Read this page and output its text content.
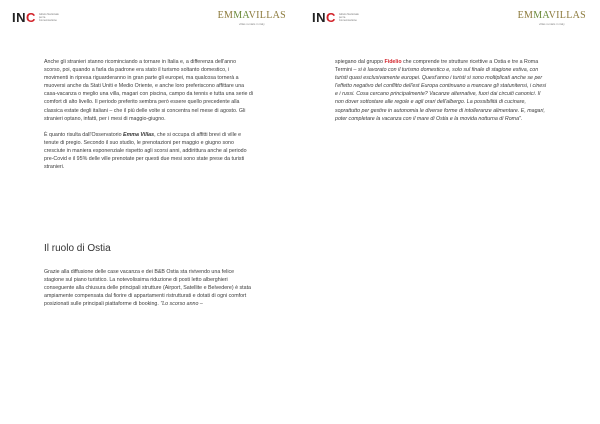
INC Istituto Nazionale per la Comunicazione	EMMAVILLAS
villas rentals in italy

Anche gli stranieri stanno ricominciando a tornare in Italia e, a differenza dell'anno scorso, poi, quando a farla da padrone era stato il turismo soltanto domestico, i movimenti in ripresa riguarderanno in gran parte gli europei, ma qualcosa tornerà a muoversi anche da Stati Uniti e Medio Oriente, e anche loro preferiscono affittare una casa-vacanza o meglio una villa, magari con piscina, campo da tennis e tutta una serie di comfort di alto livello. Il periodo preferito sembra però essere quello precedente alla classica estate degli italiani – che il più delle volte si concentra nel mese di agosto. Gli stranieri optano, infatti, per i mesi di maggio-giugno.

È quanto risulta dall'Osservatorio Emma Villas, che si occupa di affitti brevi di ville e tenute di pregio. Secondo il suo studio, le prenotazioni per maggio e giugno sono cresciute in maniera esponenziale rispetto agli scorsi anni, addirittura anche al periodo pre-Covid e il 95% delle ville prenotate per questi due mesi sono state prese da turisti stranieri.

Il ruolo di Ostia

Grazie alla diffusione delle case vacanza e dei B&B Ostia sta rivivendo una felice stagione sul piano turistico. La notevolissima riduzione di posti letto alberghieri conseguente alla chiusura delle principali strutture (Airport, Satellite e Belvedere) è stata ampiamente compensata dal fiorire di appartamenti ristrutturati e dotati di ogni comfort posizionati sulle principali piattaforme di booking. "Lo scorso anno –

INC Istituto Nazionale per la Comunicazione	EMMAVILLAS
villas rentals in italy

spiegano dal gruppo Fidelio che comprende tre strutture ricettive a Ostia e tre a Roma Termini – si è lavorato con il turismo domestico e, solo sul finale di stagione estiva, con turisti quasi esclusivamente europei. Quest'anno i turisti si sono moltiplicati anche se per l'effetto negativo del conflitto dell'est Europa continuano a mancare gli statunitensi, i cinesi e i russi. Cosa cercano principalmente? Vacanze alternative, fuori dai circuiti canonici. Il non dover sottostare alle regole e agli orari dell'albergo. La possibilità di cucinare, soprattutto per gestire in autonomia le diverse forme di intolleranze alimentare. E, magari, poter completare la vacanza con il mare di Ostia e la movida notturna di Roma".
